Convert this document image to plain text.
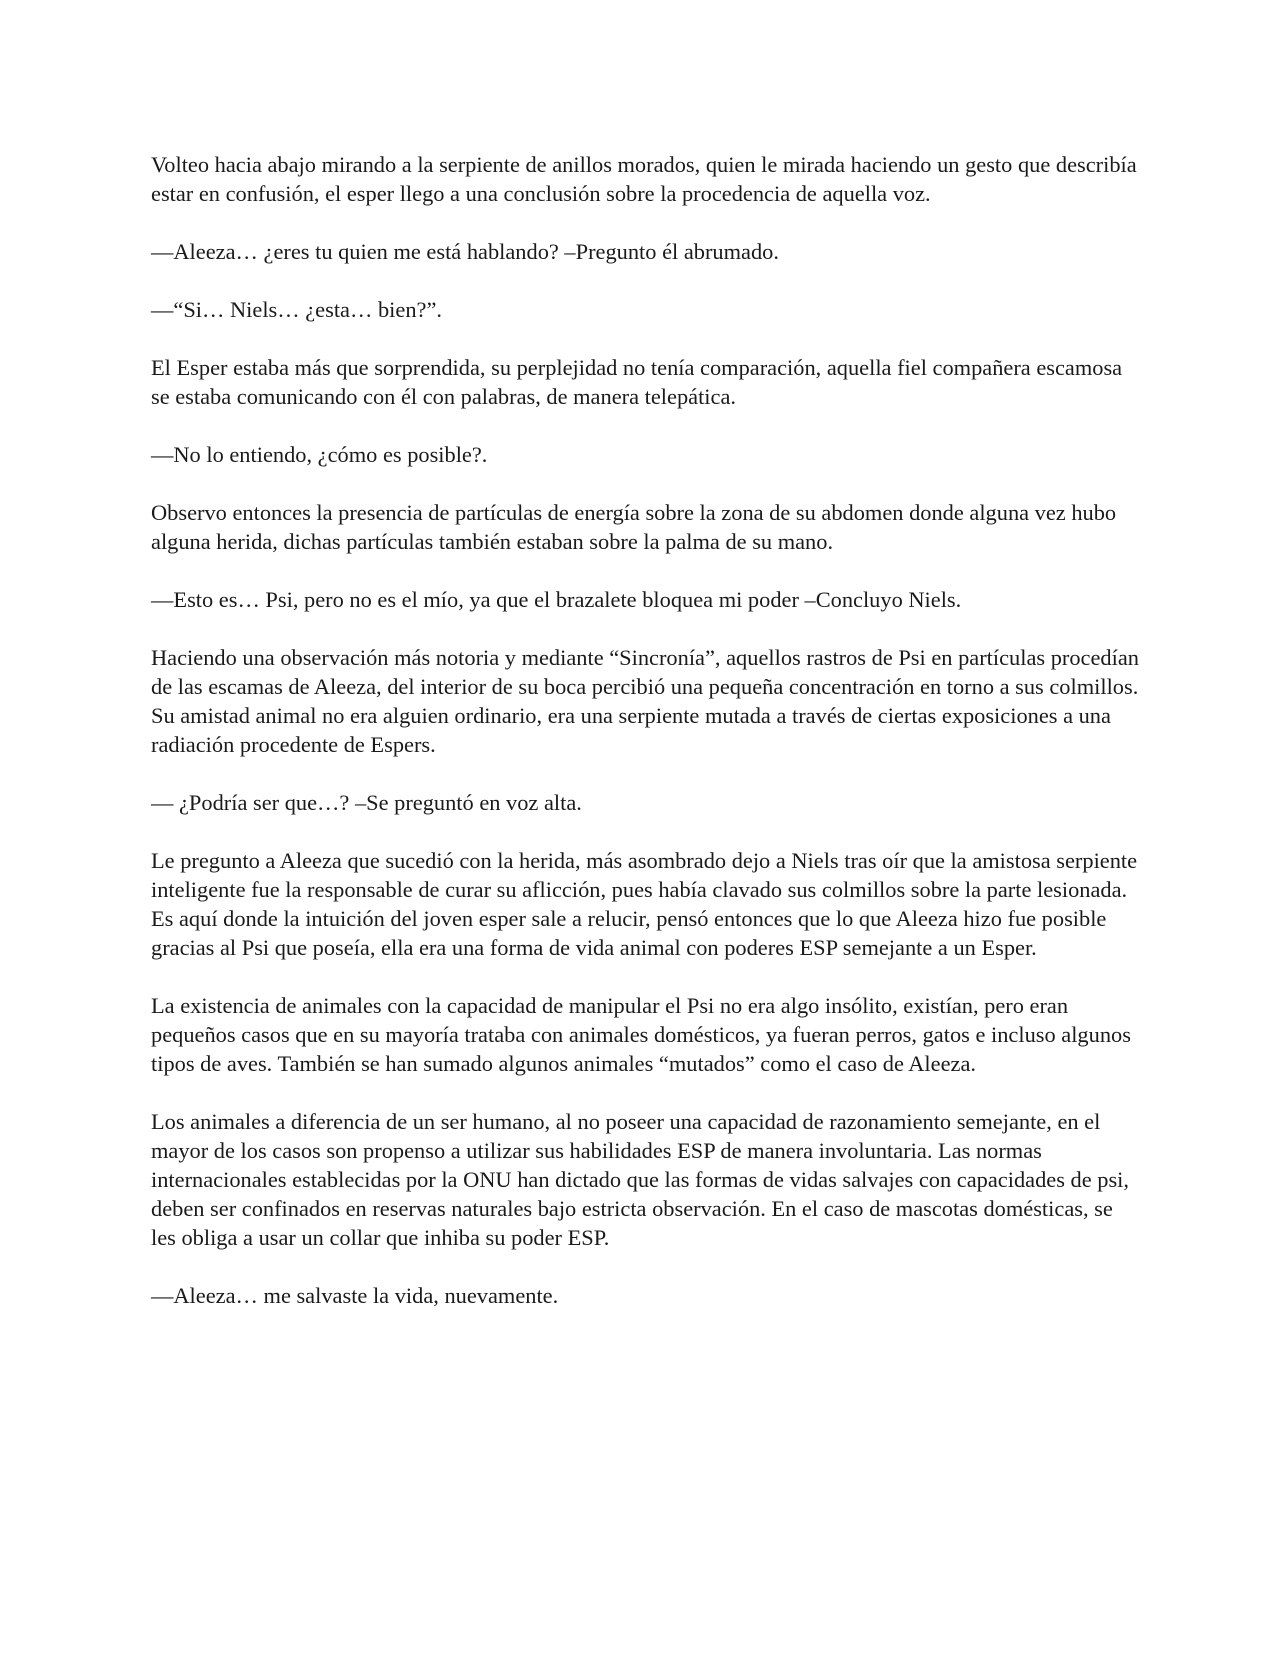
Volteo hacia abajo mirando a la serpiente de anillos morados, quien le mirada haciendo un gesto que describía estar en confusión, el esper llego a una conclusión sobre la procedencia de aquella voz.

—Aleeza… ¿eres tu quien me está hablando? –Pregunto él abrumado.

—“Si… Niels… ¿esta… bien?”.

El Esper estaba más que sorprendida, su perplejidad no tenía comparación, aquella fiel compañera escamosa se estaba comunicando con él con palabras, de manera telepática.

—No lo entiendo, ¿cómo es posible?.

Observo entonces la presencia de partículas de energía sobre la zona de su abdomen donde alguna vez hubo alguna herida, dichas partículas también estaban sobre la palma de su mano.

—Esto es… Psi, pero no es el mío, ya que el brazalete bloquea mi poder –Concluyo Niels.

Haciendo una observación más notoria y mediante “Sincronía”, aquellos rastros de Psi en partículas procedían de las escamas de Aleeza, del interior de su boca percibió una pequeña concentración en torno a sus colmillos. Su amistad animal no era alguien ordinario, era una serpiente mutada a través de ciertas exposiciones a una radiación procedente de Espers.

— ¿Podría ser que…? –Se preguntó en voz alta.

Le pregunto a Aleeza que sucedió con la herida, más asombrado dejo a Niels tras oír que la amistosa serpiente inteligente fue la responsable de curar su aflicción, pues había clavado sus colmillos sobre la parte lesionada. Es aquí donde la intuición del joven esper sale a relucir, pensó entonces que lo que Aleeza hizo fue posible gracias al Psi que poseía, ella era una forma de vida animal con poderes ESP semejante a un Esper.

La existencia de animales con la capacidad de manipular el Psi no era algo insólito, existían, pero eran pequeños casos que en su mayoría trataba con animales domésticos, ya fueran perros, gatos e incluso algunos tipos de aves. También se han sumado algunos animales “mutados” como el caso de Aleeza.

Los animales a diferencia de un ser humano, al no poseer una capacidad de razonamiento semejante, en el mayor de los casos son propenso a utilizar sus habilidades ESP de manera involuntaria. Las normas internacionales establecidas por la ONU han dictado que las formas de vidas salvajes con capacidades de psi, deben ser confinados en reservas naturales bajo estricta observación. En el caso de mascotas domésticas, se les obliga a usar un collar que inhiba su poder ESP.

—Aleeza… me salvaste la vida, nuevamente.
